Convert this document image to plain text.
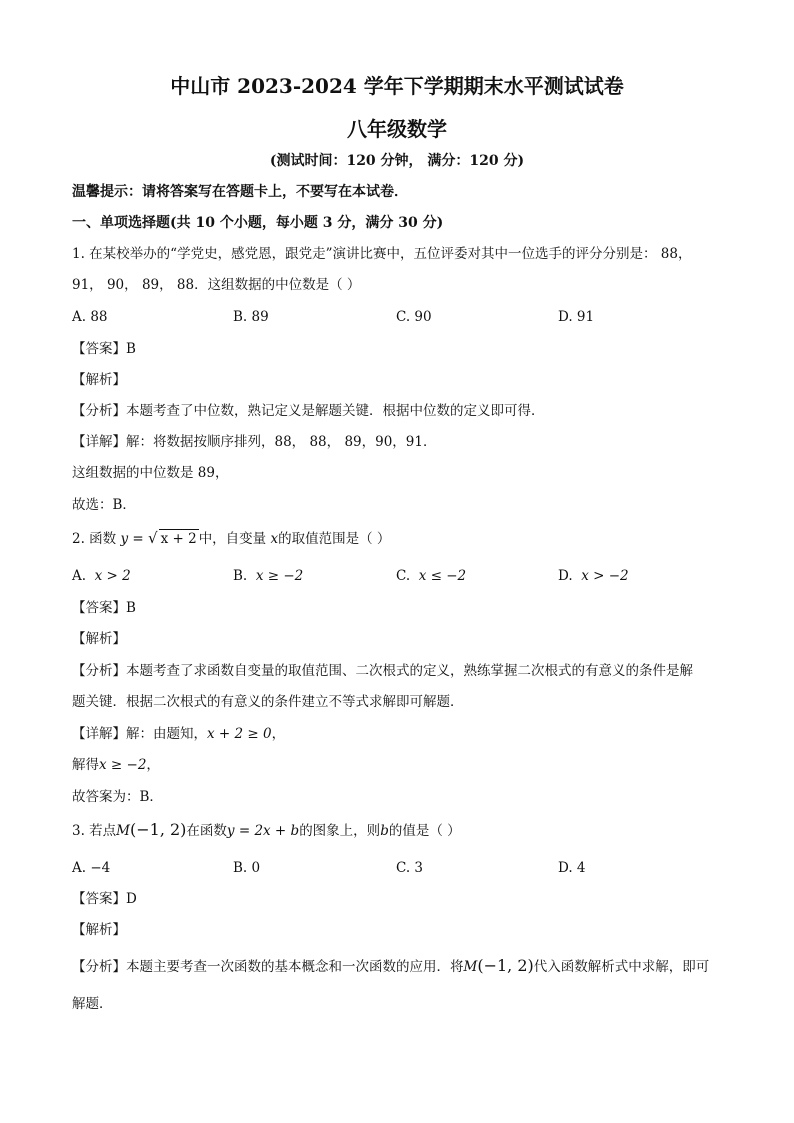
中山市 2023-2024 学年下学期期末水平测试试卷
八年级数学
(测试时间：120 分钟， 满分：120 分)
温馨提示：请将答案写在答题卡上，不要写在本试卷．
一、单项选择题(共 10 个小题，每小题 3 分，满分 30 分)
1. 在某校举办的“学党史，感党恩，跟党走”演讲比赛中，五位评委对其中一位选手的评分分别是： 88，
91， 90， 89， 88．这组数据的中位数是（ ）
A. 88	B. 89	C. 90	D. 91
【答案】B
【解析】
【分析】本题考查了中位数，熟记定义是解题关键．根据中位数的定义即可得．
【详解】解：将数据按顺序排列，88， 88， 89，90，91．
这组数据的中位数是 89，
故选：B．
2. 函数 y = √ x + 2 中，自变量 x的取值范围是（ ）
A. x > 2	B. x ≥ −2	C. x ≤ −2	D. x > −2
【答案】B
【解析】
【分析】本题考查了求函数自变量的取值范围、二次根式的定义，熟练掌握二次根式的有意义的条件是解
题关键．根据二次根式的有意义的条件建立不等式求解即可解题．
【详解】解：由题知，x + 2 ≥ 0，
解得x ≥ −2，
故答案为：B．
3. 若点M(−1, 2)在函数y = 2x + b的图象上，则b的值是（ ）
A. −4	B. 0	C. 3	D. 4
【答案】D
【解析】
【分析】本题主要考查一次函数的基本概念和一次函数的应用．将M(−1, 2)代入函数解析式中求解，即可
解题．
